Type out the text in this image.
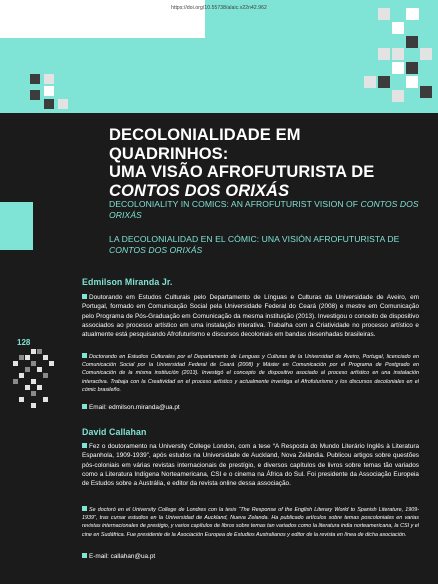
https://doi.org/10.55738/alaic.v22n42.962
DECOLONIALIDADE EM QUADRINHOS:
UMA VISÃO AFROFUTURISTA DE
CONTOS DOS ORIXÁS
DECOLONIALITY IN COMICS: AN AFROFUTURIST VISION OF CONTOS DOS ORIXÁS
LA DECOLONIALIDAD EN EL CÓMIC: UNA VISIÓN AFROFUTURISTA DE CONTOS DOS ORIXÁS
128
Edmilson Miranda Jr.

Doutorando em Estudos Culturais pelo Departamento de Línguas e Culturas da Universidade de Aveiro, em Portugal, formado em Comunicação Social pela Universidade Federal do Ceará (2008) e mestre em Comunicação pelo Programa de Pós-Graduação em Comunicação da mesma instituição (2013). Investigou o conceito de dispositivo associados ao processo artístico em uma instalação interativa. Trabalha com a Criatividade no processo artístico e atualmente está pesquisando Afrofuturismo e discursos decoloniais em bandas desenhadas brasileiras.

Doctorando en Estudios Culturales por el Departamento de Lenguas y Culturas de la Universidad de Aveiro, Portugal, licenciado en Comunicación Social por la Universidad Federal de Ceará (2008) y Máster en Comunicación por el Programa de Postgrado en Comunicación de la misma institución (2013). Investigó el concepto de dispositivo asociado al proceso artístico en una instalación interactiva. Trabaja con la Creatividad en el proceso artístico y actualmente investiga el Afrofuturismo y los discursos decoloniales en el cómic brasileño.

Email: edmilson.miranda@ua.pt

David Callahan

Fez o doutoramento na University College London, com a tese “A Resposta do Mundo Literário Inglês à Literatura Espanhola, 1909-1939”, após estudos na Universidade de Auckland, Nova Zelândia. Publicou artigos sobre questões pós-coloniais em várias revistas internacionais de prestígio, e diversos capítulos de livros sobre temas tão variados como a Literatura Indígena Norteamericana, CSI e o cinema na África do Sul. Foi presidente da Associação Europeia de Estudos sobre a Austrália, e editor da revista online dessa associação.

Se doctoró en el University College de Londres con la tesis “The Response of the English Literary World to Spanish Literature, 1909-1939”, tras cursar estudios en la Universidad de Auckland, Nueva Zelanda. Ha publicado artículos sobre temas poscoloniales en varias revistas internacionales de prestigio, y varios capítulos de libros sobre temas tan variados como la literatura india norteamericana, la CSI y el cine en Sudáfrica. Fue presidente de la Asociación Europea de Estudios Australianos y editor de la revista en línea de dicha asociación.

E-mail: callahan@ua.pt
